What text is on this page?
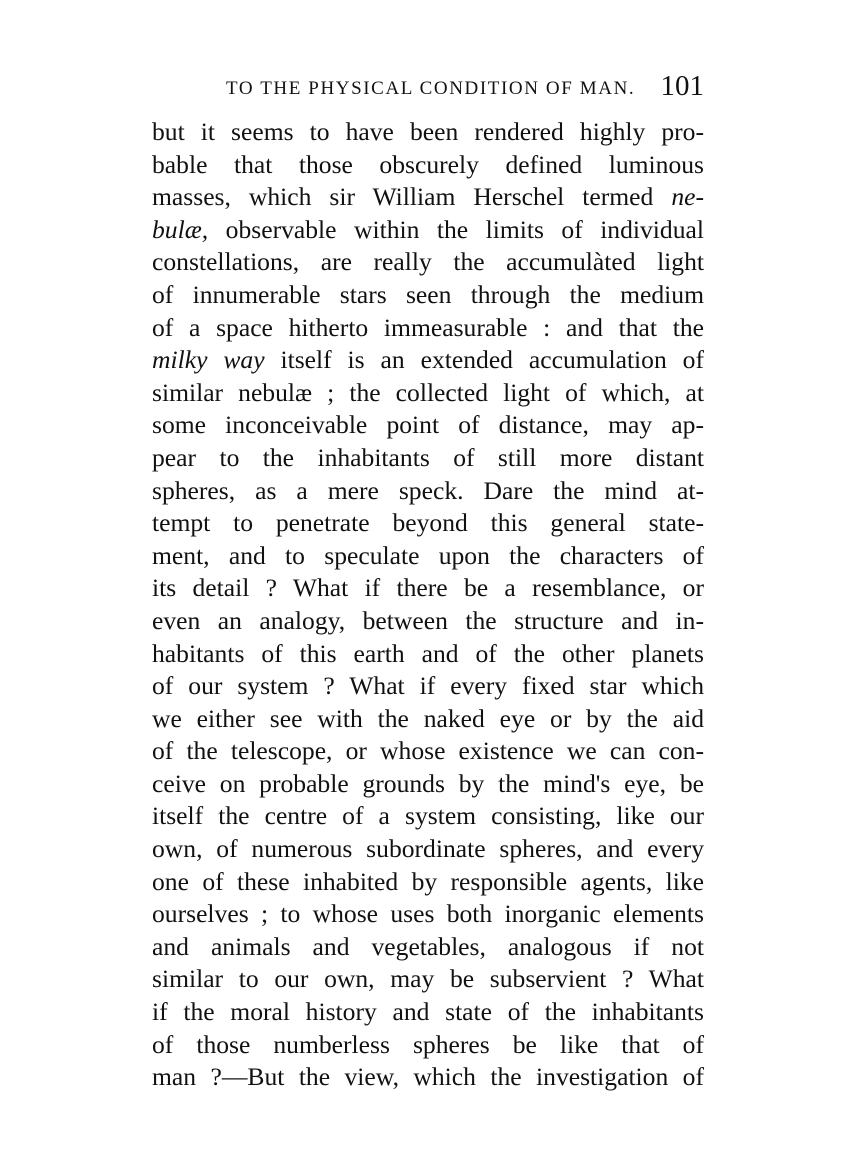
TO THE PHYSICAL CONDITION OF MAN. 101
but it seems to have been rendered highly pro-
bable that those obscurely defined luminous
masses, which sir William Herschel termed ne-
bulæ, observable within the limits of individual
constellations, are really the accumulàted light
of innumerable stars seen through the medium
of a space hitherto immeasurable : and that the
milky way itself is an extended accumulation of
similar nebulæ ; the collected light of which, at
some inconceivable point of distance, may ap-
pear to the inhabitants of still more distant
spheres, as a mere speck. Dare the mind at-
tempt to penetrate beyond this general state-
ment, and to speculate upon the characters of
its detail ? What if there be a resemblance, or
even an analogy, between the structure and in-
habitants of this earth and of the other planets
of our system ? What if every fixed star which
we either see with the naked eye or by the aid
of the telescope, or whose existence we can con-
ceive on probable grounds by the mind's eye, be
itself the centre of a system consisting, like our
own, of numerous subordinate spheres, and every
one of these inhabited by responsible agents, like
ourselves ; to whose uses both inorganic elements
and animals and vegetables, analogous if not
similar to our own, may be subservient ? What
if the moral history and state of the inhabitants
of those numberless spheres be like that of
man ?—But the view, which the investigation of
